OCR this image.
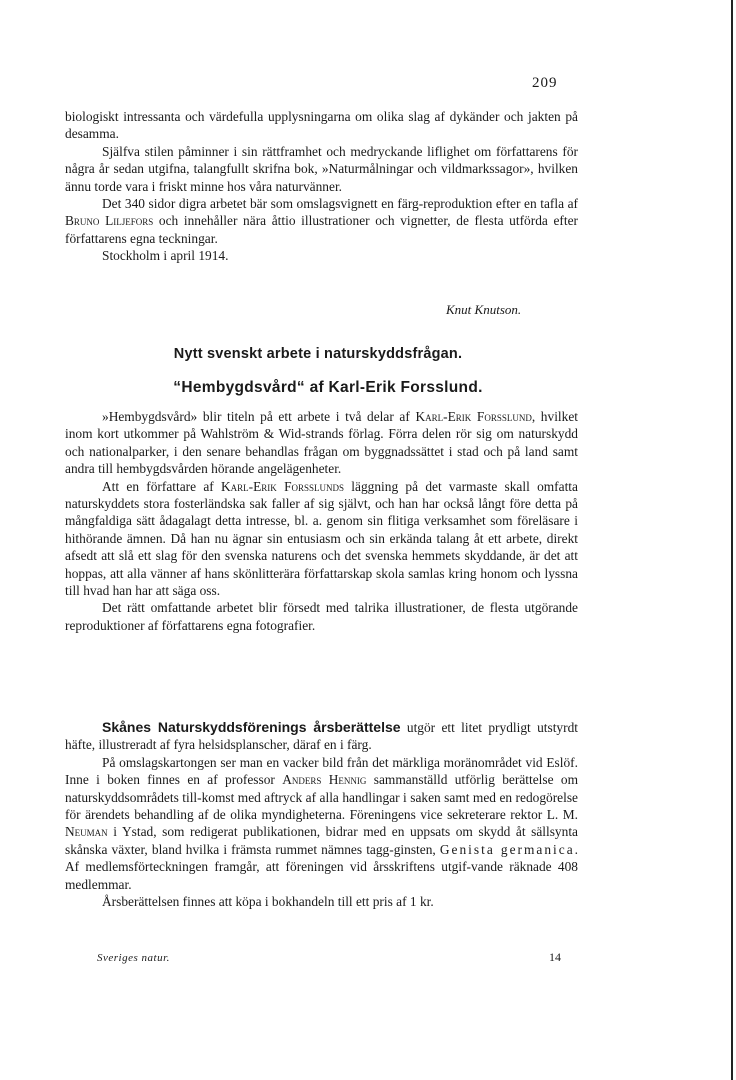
209

biologiskt intressanta och värdefulla upplysningarna om olika slag af dykänder och jakten på desamma.

Själfva stilen påminner i sin rättframhet och medryckande liflighet om författarens för några år sedan utgifna, talangfullt skrifna bok, »Naturmålningar och vildmarkssagor», hvilken ännu torde vara i friskt minne hos våra naturvänner.

Det 340 sidor digra arbetet bär som omslagsvignett en färg-reproduktion efter en tafla af Bruno Liljefors och innehåller nära åttio illustrationer och vignetter, de flesta utförda efter författarens egna teckningar.

Stockholm i april 1914.

Knut Knutson.
Nytt svenskt arbete i naturskyddsfrågan.
“Hembygdsvård“ af Karl-Erik Forsslund.

»Hembygdsvård» blir titeln på ett arbete i två delar af Karl-Erik Forsslund, hvilket inom kort utkommer på Wahlström & Wid-strands förlag. Förra delen rör sig om naturskydd och nationalparker, i den senare behandlas frågan om byggnadssättet i stad och på land samt andra till hembygdsvården hörande angelägenheter.

Att en författare af Karl-Erik Forsslunds läggning på det varmaste skall omfatta naturskyddets stora fosterländska sak faller af sig självt, och han har också långt före detta på mångfaldiga sätt ådagalagt detta intresse, bl. a. genom sin flitiga verksamhet som föreläsare i hithörande ämnen. Då han nu ägnar sin entusiasm och sin erkända talang åt ett arbete, direkt afsedt att slå ett slag för den svenska naturens och det svenska hemmets skyddande, är det att hoppas, att alla vänner af hans skönlitterära författarskap skola samlas kring honom och lyssna till hvad han har att säga oss.

Det rätt omfattande arbetet blir försedt med talrika illustrationer, de flesta utgörande reproduktioner af författarens egna fotografier.

Skånes Naturskyddsförenings årsberättelse utgör ett litet prydligt utstyrdt häfte, illustreradt af fyra helsidsplanscher, däraf en i färg.

På omslagskartongen ser man en vacker bild från det märkliga moränområdet vid Eslöf. Inne i boken finnes en af professor Anders Hennig sammanställd utförlig berättelse om naturskyddsområdets till-komst med aftryck af alla handlingar i saken samt med en redogörelse för ärendets behandling af de olika myndigheterna. Föreningens vice sekreterare rektor L. M. Neuman i Ystad, som redigerat publikationen, bidrar med en uppsats om skydd åt sällsynta skånska växter, bland hvilka i främsta rummet nämnes tagg-ginsten, Genista germanica. Af medlemsförteckningen framgår, att föreningen vid årsskriftens utgif-vande räknade 408 medlemmar.

Årsberättelsen finnes att köpa i bokhandeln till ett pris af 1 kr.

Sveriges natur.	14
